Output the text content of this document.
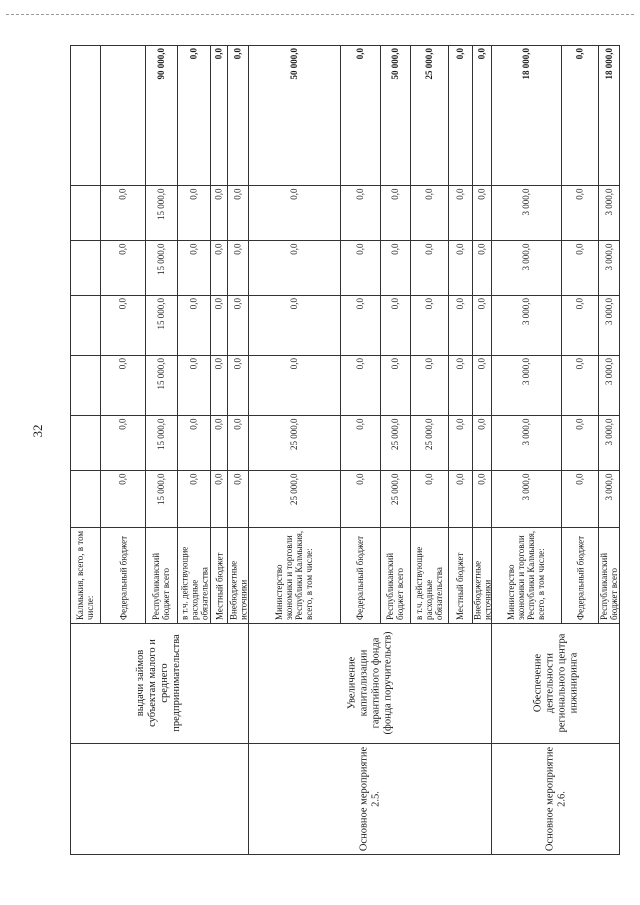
32
выдачи займов субъектам малого и среднего предпринимательства
Калмыкия, всего, в том числе:	Федеральный бюджет
0,0
0,0
0,0
0,0
0,0
0,0
Республиканский бюджет всего
15 000,0
15 000,0
15 000,0
15 000,0
15 000,0
15 000,0
90 000,0
в т.ч. действующие расходные обязательства
0,0
0,0
0,0
0,0
0,0
0,0
0,0
Местный бюджет
0,0
0,0
0,0
0,0
0,0
0,0
0,0
Внебюджетные источники
0,0
0,0
0,0
0,0
0,0
0,0
0,0
Основное мероприятие 2.5.
Увеличение капитализации гарантийного фонда (фонда поручительств)
Министерство экономики и торговли Республики Калмыкия, всего, в том числе:
25 000,0
25 000,0
0,0
0,0
0,0
0,0
50 000,0
Федеральный бюджет
0,0
0,0
0,0
0,0
0,0
0,0
0,0
Республиканский бюджет всего
25 000,0
25 000,0
0,0
0,0
0,0
0,0
50 000,0
в т.ч. действующие расходные обязательства
0,0
25 000,0
0,0
0,0
0,0
0,0
25 000,0
Местный бюджет
0,0
0,0
0,0
0,0
0,0
0,0
0,0
Внебюджетные источники
0,0
0,0
0,0
0,0
0,0
0,0
0,0
Основное мероприятие 2.6.
Обеспечение деятельности регионального центра инжиниринга
Министерство экономики и торговли Республики Калмыкия, всего, в том числе:
3 000,0
3 000,0
3 000,0
3 000,0
3 000,0
3 000,0
18 000,0
Федеральный бюджет
0,0
0,0
0,0
0,0
0,0
0,0
0,0
Республиканский бюджет всего
3 000,0
3 000,0
3 000,0
3 000,0
3 000,0
3 000,0
18 000,0
